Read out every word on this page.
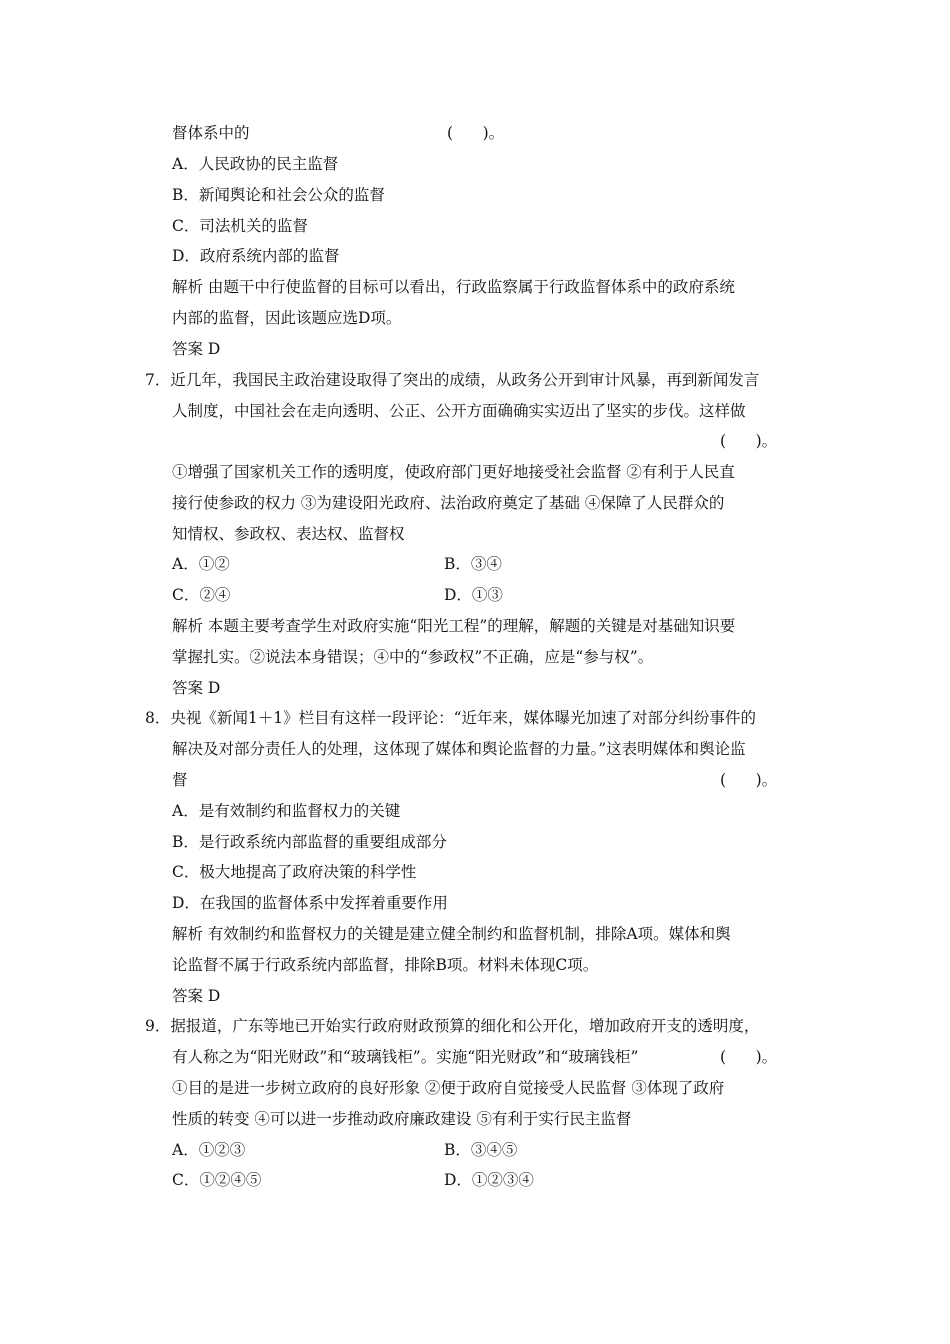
督体系中的	(      )。
A．人民政协的民主监督
B．新闻舆论和社会公众的监督
C．司法机关的监督
D．政府系统内部的监督
解析 由题干中行使监督的目标可以看出，行政监察属于行政监督体系中的政府系统
内部的监督，因此该题应选D项。
答案 D
7．近几年，我国民主政治建设取得了突出的成绩，从政务公开到审计风暴，再到新闻发言
人制度，中国社会在走向透明、公正、公开方面确确实实迈出了坚实的步伐。这样做
(      )。
①增强了国家机关工作的透明度，使政府部门更好地接受社会监督 ②有利于人民直
接行使参政的权力 ③为建设阳光政府、法治政府奠定了基础 ④保障了人民群众的
知情权、参政权、表达权、监督权
A．①②	B．③④
C．②④	D．①③
解析 本题主要考查学生对政府实施“阳光工程”的理解，解题的关键是对基础知识要
掌握扎实。②说法本身错误；④中的“参政权”不正确，应是“参与权”。
答案 D
8．央视《新闻1＋1》栏目有这样一段评论：“近年来，媒体曝光加速了对部分纠纷事件的
解决及对部分责任人的处理，这体现了媒体和舆论监督的力量。”这表明媒体和舆论监
督	(      )。
A．是有效制约和监督权力的关键
B．是行政系统内部监督的重要组成部分
C．极大地提高了政府决策的科学性
D．在我国的监督体系中发挥着重要作用
解析 有效制约和监督权力的关键是建立健全制约和监督机制，排除A项。媒体和舆
论监督不属于行政系统内部监督，排除B项。材料未体现C项。
答案 D
9．据报道，广东等地已开始实行政府财政预算的细化和公开化，增加政府开支的透明度，
有人称之为“阳光财政”和“玻璃钱柜”。实施“阳光财政”和“玻璃钱柜”	(      )。
①目的是进一步树立政府的良好形象 ②便于政府自觉接受人民监督 ③体现了政府
性质的转变 ④可以进一步推动政府廉政建设 ⑤有利于实行民主监督
A．①②③	B．③④⑤
C．①②④⑤	D．①②③④
